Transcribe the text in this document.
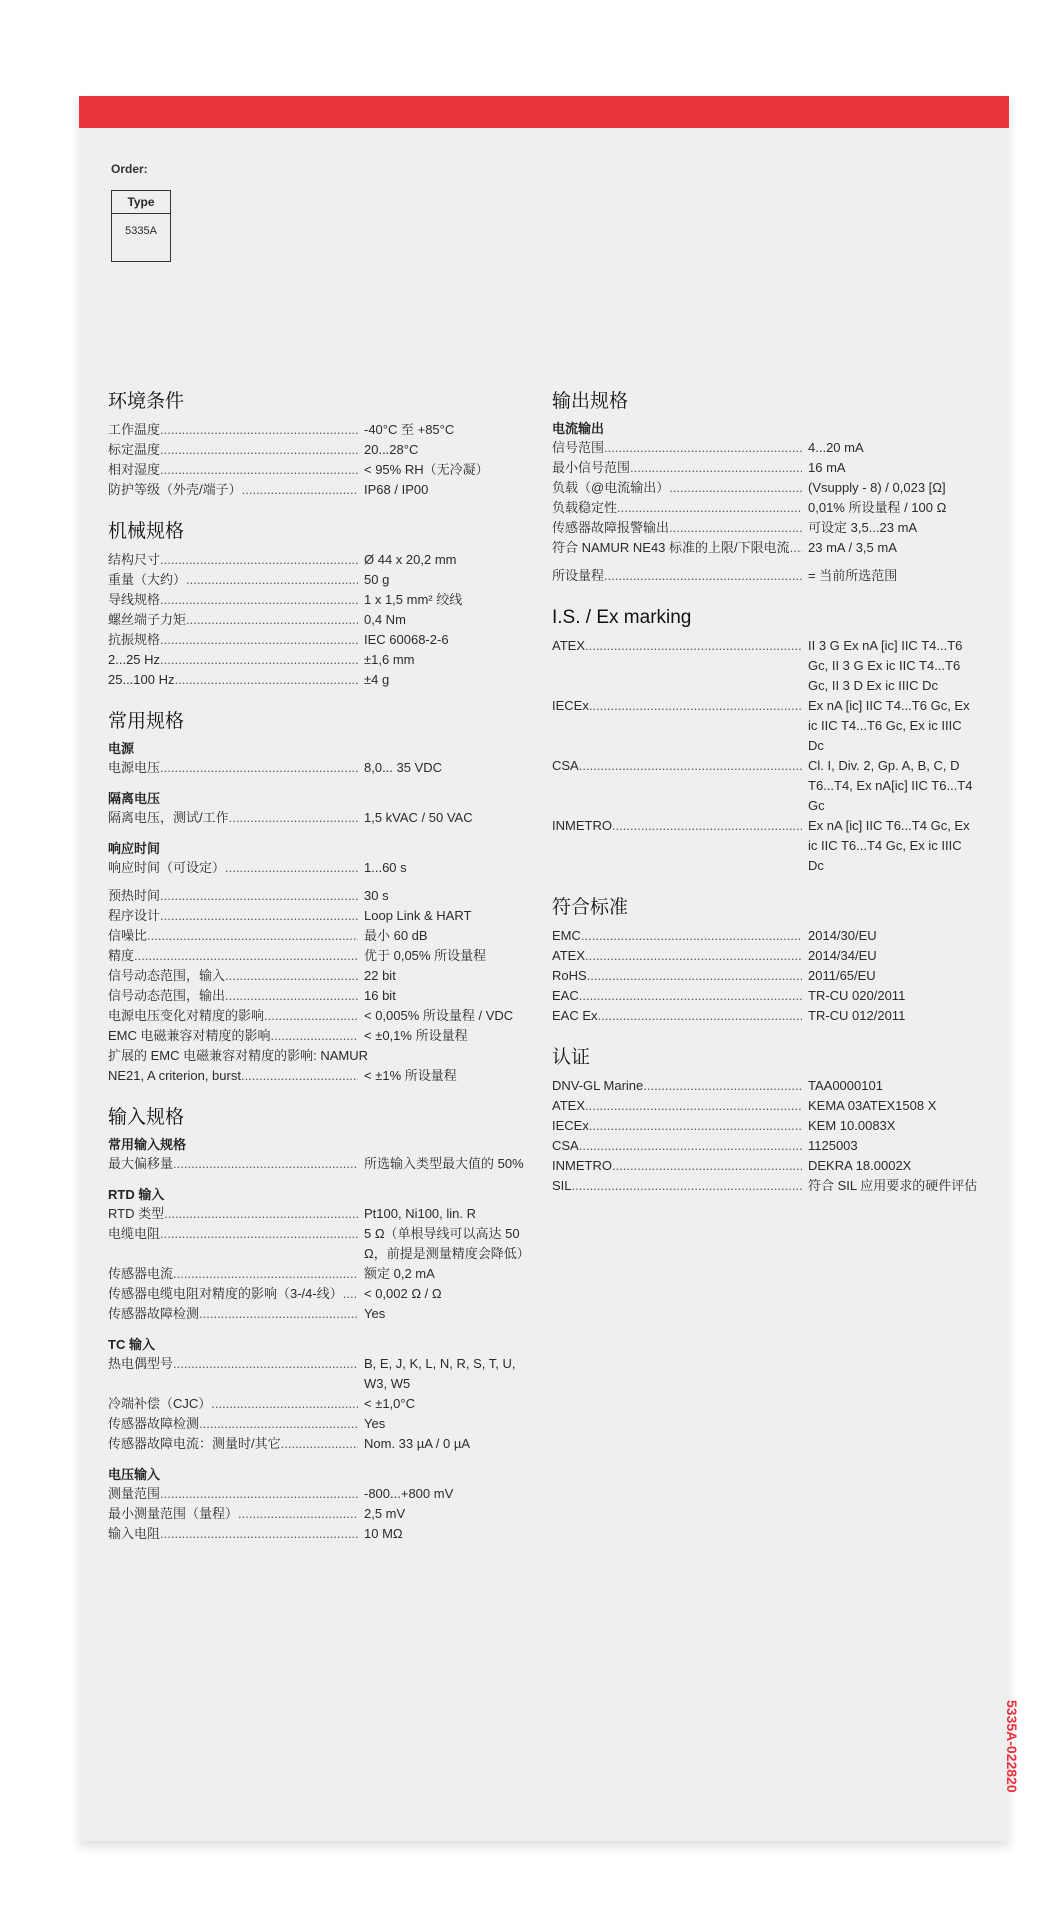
Order:
Type
5335A
环境条件
工作温度 .....	-40°C 至 +85°C
标定温度 .....	20...28°C
相对湿度 .....	< 95% RH（无冷凝）
防护等级（外壳/端子） .....	IP68 / IP00
机械规格
结构尺寸 .....	Ø 44 x 20,2 mm
重量（大约） .....	50 g
导线规格 .....	1 x 1,5 mm² 绞线
螺丝端子力矩 .....	0,4 Nm
抗振规格 .....	IEC 60068-2-6
2...25 Hz .....	±1,6 mm
25...100 Hz .....	±4 g
常用规格
电源
电源电压 .....	8,0... 35 VDC
隔离电压
隔离电压，测试/工作 .....	1,5 kVAC / 50 VAC
响应时间
响应时间（可设定） .....	1...60 s
预热时间 .....	30 s
程序设计 .....	Loop Link & HART
信噪比 .....	最小 60 dB
精度 .....	优于 0,05% 所设量程
信号动态范围，输入 .....	22 bit
信号动态范围，输出 .....	16 bit
电源电压变化对精度的影响 .....	< 0,005% 所设量程 / VDC
EMC 电磁兼容对精度的影响 .....	< ±0,1% 所设量程
扩展的 EMC 电磁兼容对精度的影响: NAMUR
NE21, A criterion, burst .....	< ±1% 所设量程
输入规格
常用输入规格
最大偏移量 .....	所选输入类型最大值的 50%
RTD 输入
RTD 类型 .....	Pt100, Ni100, lin. R
电缆电阻 .....	5 Ω（单根导线可以高达 50 Ω，前提是测量精度会降低）
传感器电流 .....	额定 0,2 mA
传感器电缆电阻对精度的影响（3-/4-线） .....	< 0,002 Ω / Ω
传感器故障检测 .....	Yes
TC 输入
热电偶型号 .....	B, E, J, K, L, N, R, S, T, U, W3, W5
冷端补偿（CJC） .....	< ±1,0°C
传感器故障检测 .....	Yes
传感器故障电流：测量时/其它 .....	Nom. 33 µA / 0 µA
电压输入
测量范围 .....	-800...+800 mV
最小测量范围（量程） .....	2,5 mV
输入电阻 .....	10 MΩ
输出规格
电流输出
信号范围 .....	4...20 mA
最小信号范围 .....	16 mA
负载（@电流输出） .....	(Vsupply - 8) / 0,023 [Ω]
负载稳定性 .....	0,01% 所设量程 / 100 Ω
传感器故障报警输出 .....	可设定 3,5...23 mA
符合 NAMUR NE43 标准的上限/下限电流 .....	23 mA / 3,5 mA
所设量程 .....	= 当前所选范围
I.S. / Ex marking
ATEX .....	II 3 G Ex nA [ic] IIC T4...T6 Gc, II 3 G Ex ic IIC T4...T6 Gc, II 3 D Ex ic IIIC Dc
IECEx .....	Ex nA [ic] IIC T4...T6 Gc, Ex ic IIC T4...T6 Gc, Ex ic IIIC Dc
CSA .....	Cl. I, Div. 2, Gp. A, B, C, D T6...T4, Ex nA[ic] IIC T6...T4 Gc
INMETRO .....	Ex nA [ic] IIC T6...T4 Gc, Ex ic IIC T6...T4 Gc, Ex ic IIIC Dc
符合标准
EMC .....	2014/30/EU
ATEX .....	2014/34/EU
RoHS .....	2011/65/EU
EAC .....	TR-CU 020/2011
EAC Ex .....	TR-CU 012/2011
认证
DNV-GL Marine .....	TAA0000101
ATEX .....	KEMA 03ATEX1508 X
IECEx .....	KEM 10.0083X
CSA .....	1125003
INMETRO .....	DEKRA 18.0002X
SIL .....	符合 SIL 应用要求的硬件评估
5335A-022820
